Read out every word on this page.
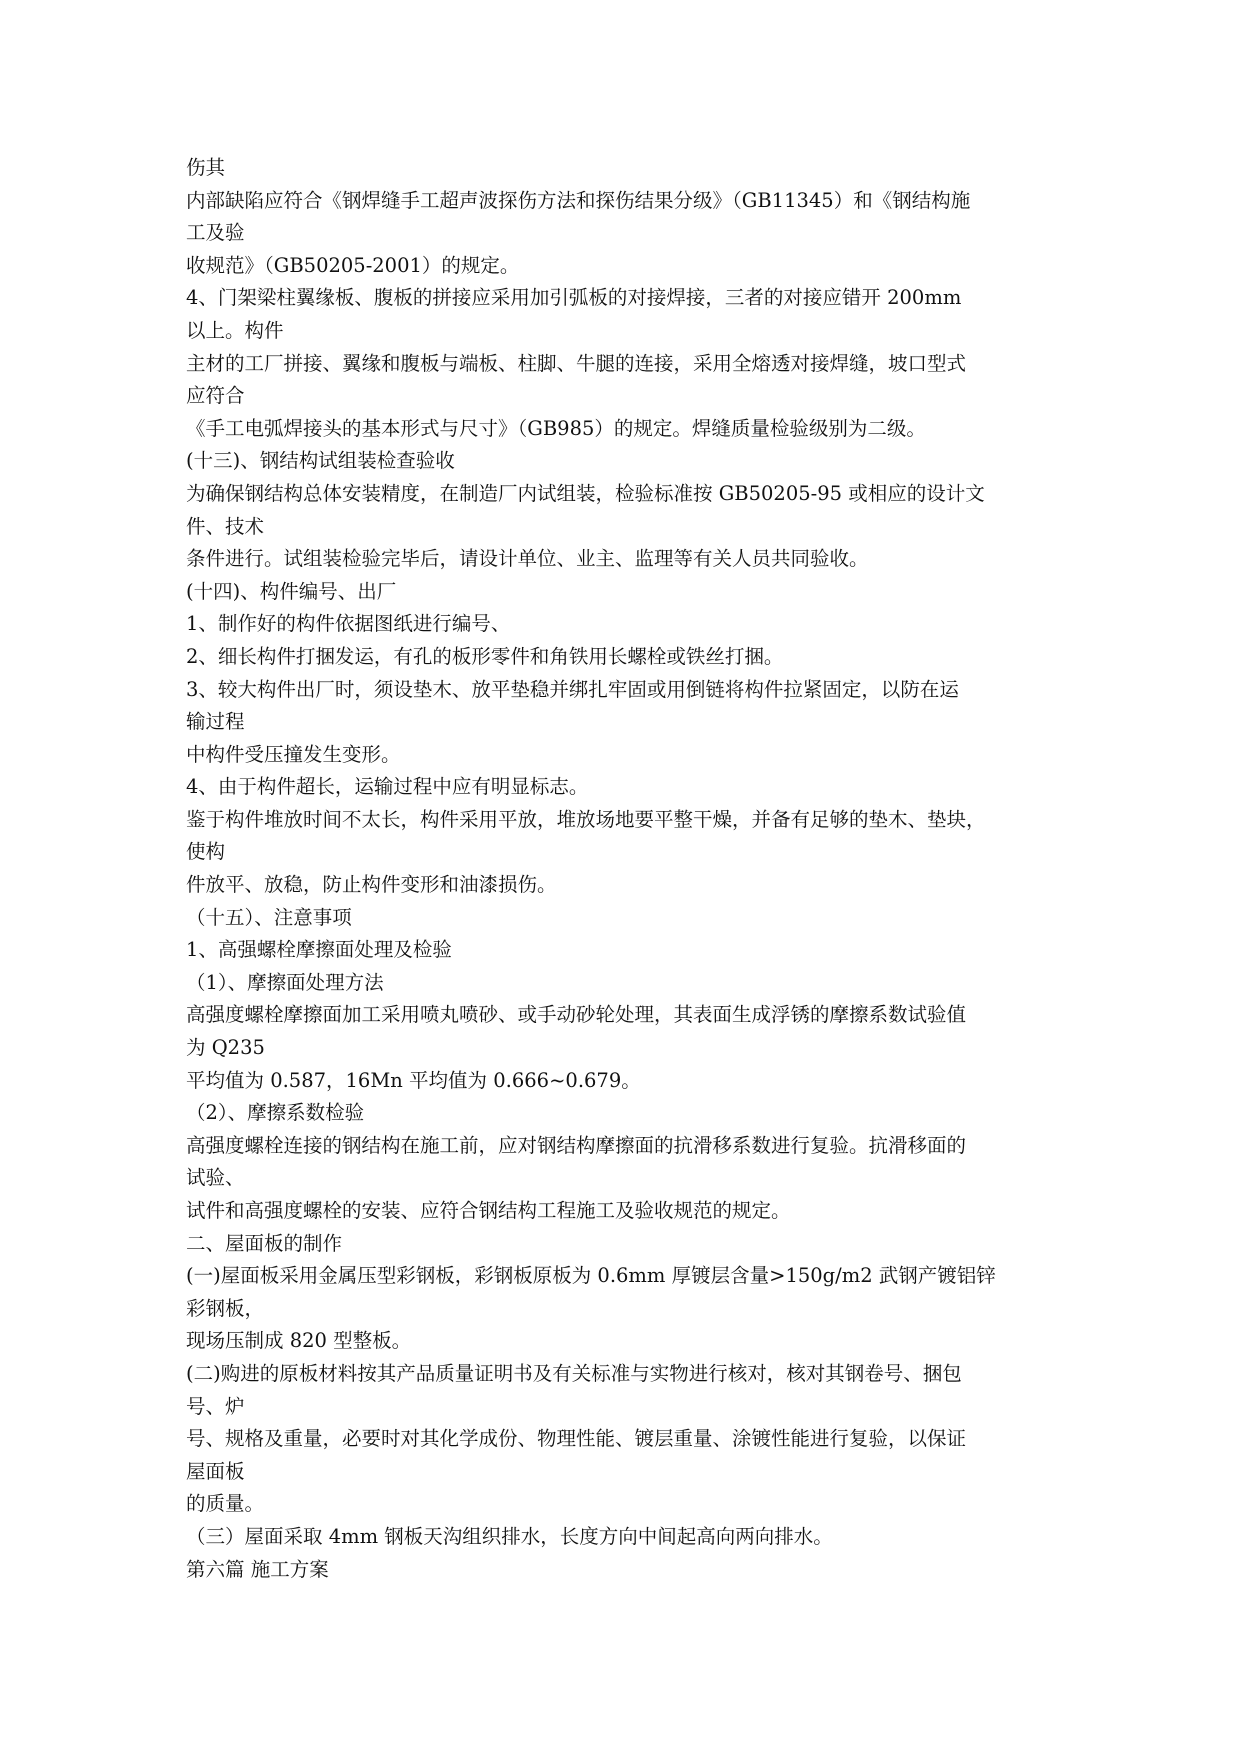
伤其
内部缺陷应符合《钢焊缝手工超声波探伤方法和探伤结果分级》（GB11345）和《钢结构施
工及验
收规范》（GB50205-2001）的规定。
4、门架梁柱翼缘板、腹板的拼接应采用加引弧板的对接焊接，三者的对接应错开 200mm
以上。构件
主材的工厂拼接、翼缘和腹板与端板、柱脚、牛腿的连接，采用全熔透对接焊缝，坡口型式
应符合
《手工电弧焊接头的基本形式与尺寸》（GB985）的规定。焊缝质量检验级别为二级。
(十三)、钢结构试组装检查验收
为确保钢结构总体安装精度，在制造厂内试组装，检验标准按 GB50205-95 或相应的设计文
件、技术
条件进行。试组装检验完毕后，请设计单位、业主、监理等有关人员共同验收。
(十四)、构件编号、出厂
1、制作好的构件依据图纸进行编号、
2、细长构件打捆发运，有孔的板形零件和角铁用长螺栓或铁丝打捆。
3、较大构件出厂时，须设垫木、放平垫稳并绑扎牢固或用倒链将构件拉紧固定，以防在运
输过程
中构件受压撞发生变形。
4、由于构件超长，运输过程中应有明显标志。
鉴于构件堆放时间不太长，构件采用平放，堆放场地要平整干燥，并备有足够的垫木、垫块，
使构
件放平、放稳，防止构件变形和油漆损伤。
（十五）、注意事项
1、高强螺栓摩擦面处理及检验
（1）、摩擦面处理方法
高强度螺栓摩擦面加工采用喷丸喷砂、或手动砂轮处理，其表面生成浮锈的摩擦系数试验值
为 Q235
平均值为 0.587，16Mn 平均值为 0.666~0.679。
（2）、摩擦系数检验
高强度螺栓连接的钢结构在施工前，应对钢结构摩擦面的抗滑移系数进行复验。抗滑移面的
试验、
试件和高强度螺栓的安装、应符合钢结构工程施工及验收规范的规定。
二、屋面板的制作
(一)屋面板采用金属压型彩钢板，彩钢板原板为 0.6mm 厚镀层含量>150g/m2 武钢产镀铝锌
彩钢板，
现场压制成 820 型整板。
(二)购进的原板材料按其产品质量证明书及有关标准与实物进行核对，核对其钢卷号、捆包
号、炉
号、规格及重量，必要时对其化学成份、物理性能、镀层重量、涂镀性能进行复验，以保证
屋面板
的质量。
（三）屋面采取 4mm 钢板天沟组织排水，长度方向中间起高向两向排水。
第六篇 施工方案
